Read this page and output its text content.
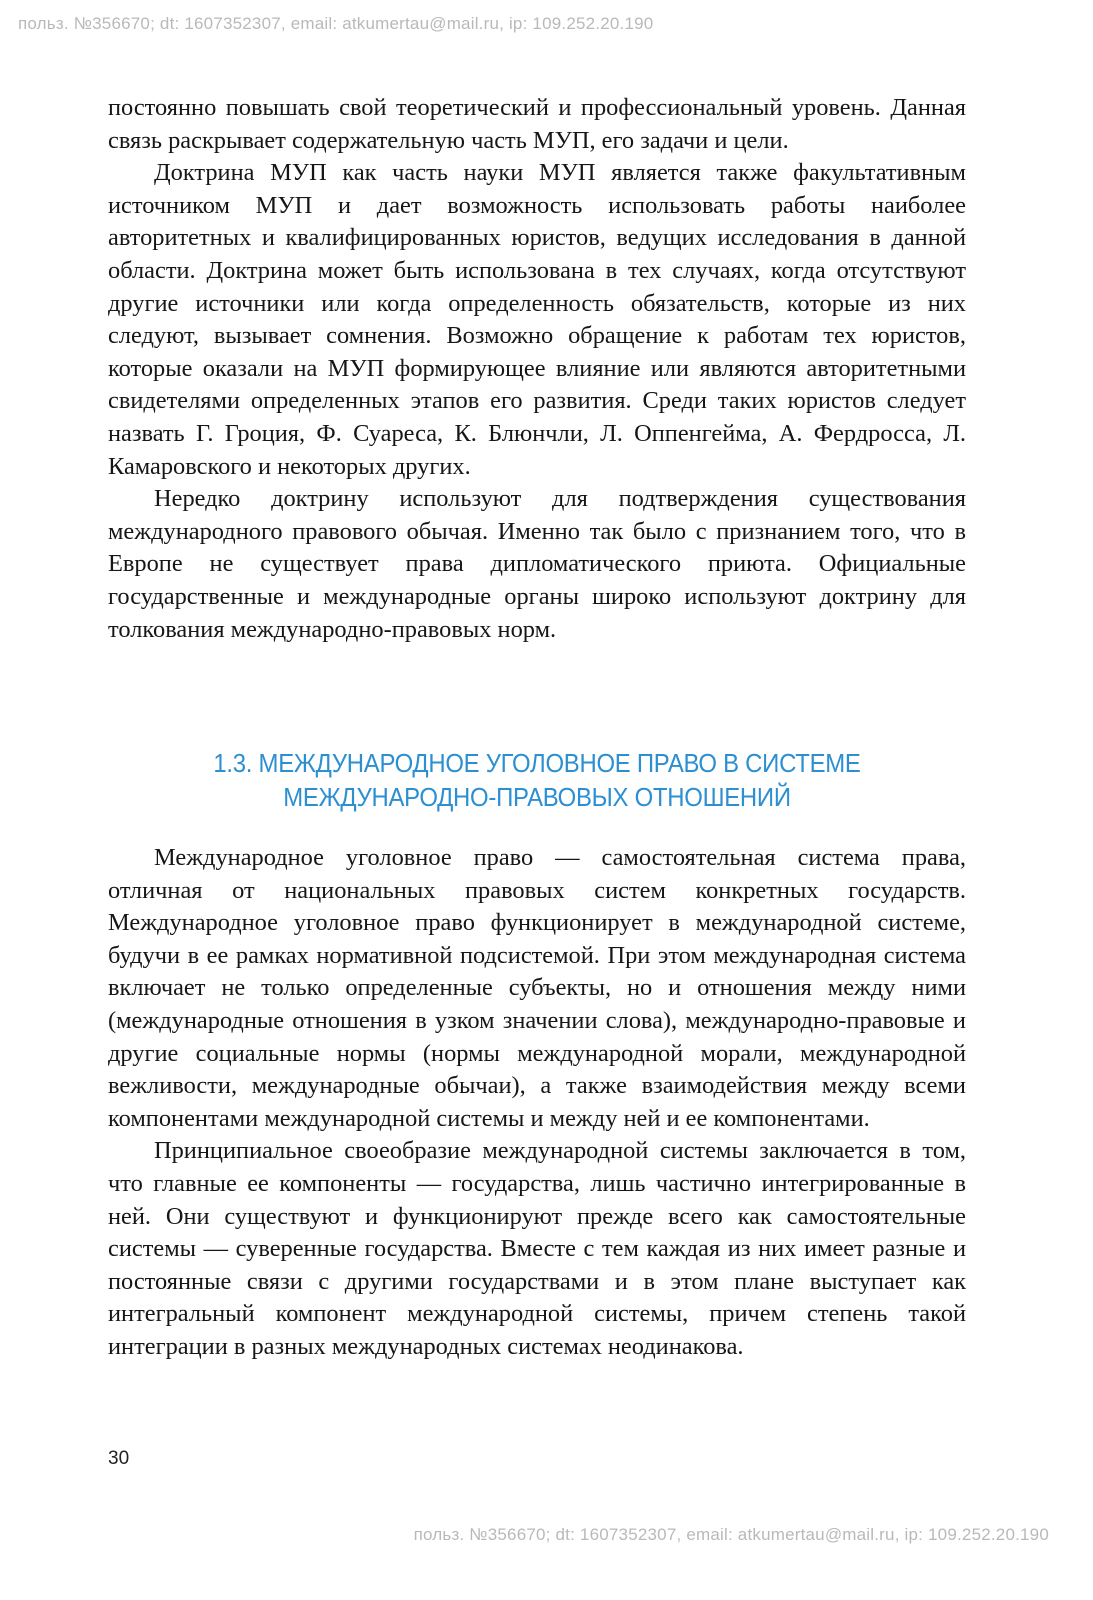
польз. №356670; dt: 1607352307, email: atkumertau@mail.ru, ip: 109.252.20.190

постоянно повышать свой теоретический и профессиональный уровень. Данная связь раскрывает содержательную часть МУП, его задачи и цели.

Доктрина МУП как часть науки МУП является также факультативным источником МУП и дает возможность использовать работы наиболее авторитетных и квалифицированных юристов, ведущих исследования в данной области. Доктрина может быть использована в тех случаях, когда отсутствуют другие источники или когда определенность обязательств, которые из них следуют, вызывает сомнения. Возможно обращение к работам тех юристов, которые оказали на МУП формирующее влияние или являются авторитетными свидетелями определенных этапов его развития. Среди таких юристов следует назвать Г. Гроция, Ф. Суареса, К. Блюнчли, Л. Оппенгейма, А. Фердросса, Л. Камаровского и некоторых других.

Нередко доктрину используют для подтверждения существования международного правового обычая. Именно так было с признанием того, что в Европе не существует права дипломатического приюта. Официальные государственные и международные органы широко используют доктрину для толкования международно-правовых норм.

1.3. МЕЖДУНАРОДНОЕ УГОЛОВНОЕ ПРАВО В СИСТЕМЕ
МЕЖДУНАРОДНО-ПРАВОВЫХ ОТНОШЕНИЙ

Международное уголовное право — самостоятельная система права, отличная от национальных правовых систем конкретных государств. Международное уголовное право функционирует в международной системе, будучи в ее рамках нормативной подсистемой. При этом международная система включает не только определенные субъекты, но и отношения между ними (международные отношения в узком значении слова), международно-правовые и другие социальные нормы (нормы международной морали, международной вежливости, международные обычаи), а также взаимодействия между всеми компонентами международной системы и между ней и ее компонентами.

Принципиальное своеобразие международной системы заключается в том, что главные ее компоненты — государства, лишь частично интегрированные в ней. Они существуют и функционируют прежде всего как самостоятельные системы — суверенные государства. Вместе с тем каждая из них имеет разные и постоянные связи с другими государствами и в этом плане выступает как интегральный компонент международной системы, причем степень такой интеграции в разных международных системах неодинакова.

30
польз. №356670; dt: 1607352307, email: atkumertau@mail.ru, ip: 109.252.20.190
